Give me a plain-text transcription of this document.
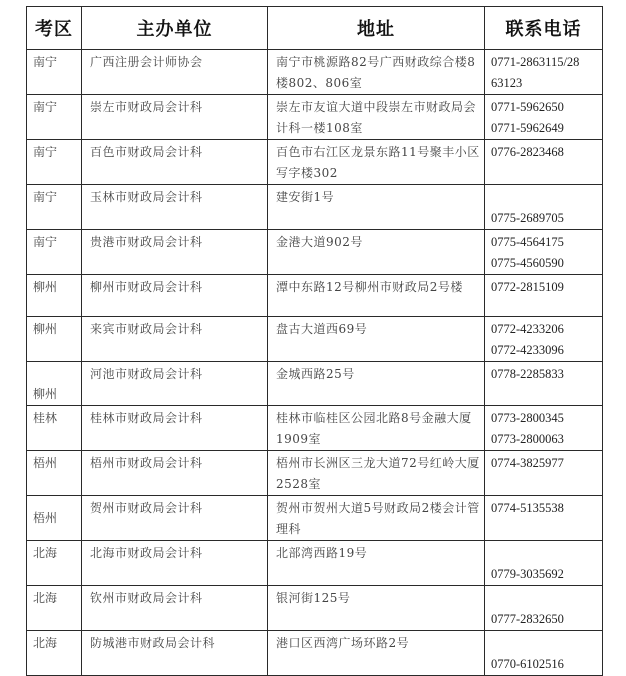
考区	主办单位	地址	联系电话
南宁	广西注册会计师协会	南宁市桃源路82号广西财政综合楼8楼802、806室	0771-2863115/28
63123

南宁	崇左市财政局会计科	崇左市友谊大道中段崇左市财政局会计科一楼108室	0771-5962650
0771-5962649

南宁	百色市财政局会计科	百色市右江区龙景东路11号聚丰小区写字楼302	0776-2823468

南宁	玉林市财政局会计科	建安街1号	0775-2689705

南宁	贵港市财政局会计科	金港大道902号	0775-4564175
0775-4560590

柳州	柳州市财政局会计科	潭中东路12号柳州市财政局2号楼	0772-2815109

柳州	来宾市财政局会计科	盘古大道西69号	0772-4233206
0772-4233096

柳州	河池市财政局会计科	金城西路25号	0778-2285833

桂林	桂林市财政局会计科	桂林市临桂区公园北路8号金融大厦1909室	0773-2800345
0773-2800063

梧州	梧州市财政局会计科	梧州市长洲区三龙大道72号红岭大厦2528室	0774-3825977

梧州	贺州市财政局会计科	贺州市贺州大道5号财政局2楼会计管理科	0774-5135538

北海	北海市财政局会计科	北部湾西路19号	0779-3035692

北海	钦州市财政局会计科	银河街125号	0777-2832650

北海	防城港市财政局会计科	港口区西湾广场环路2号	0770-6102516
